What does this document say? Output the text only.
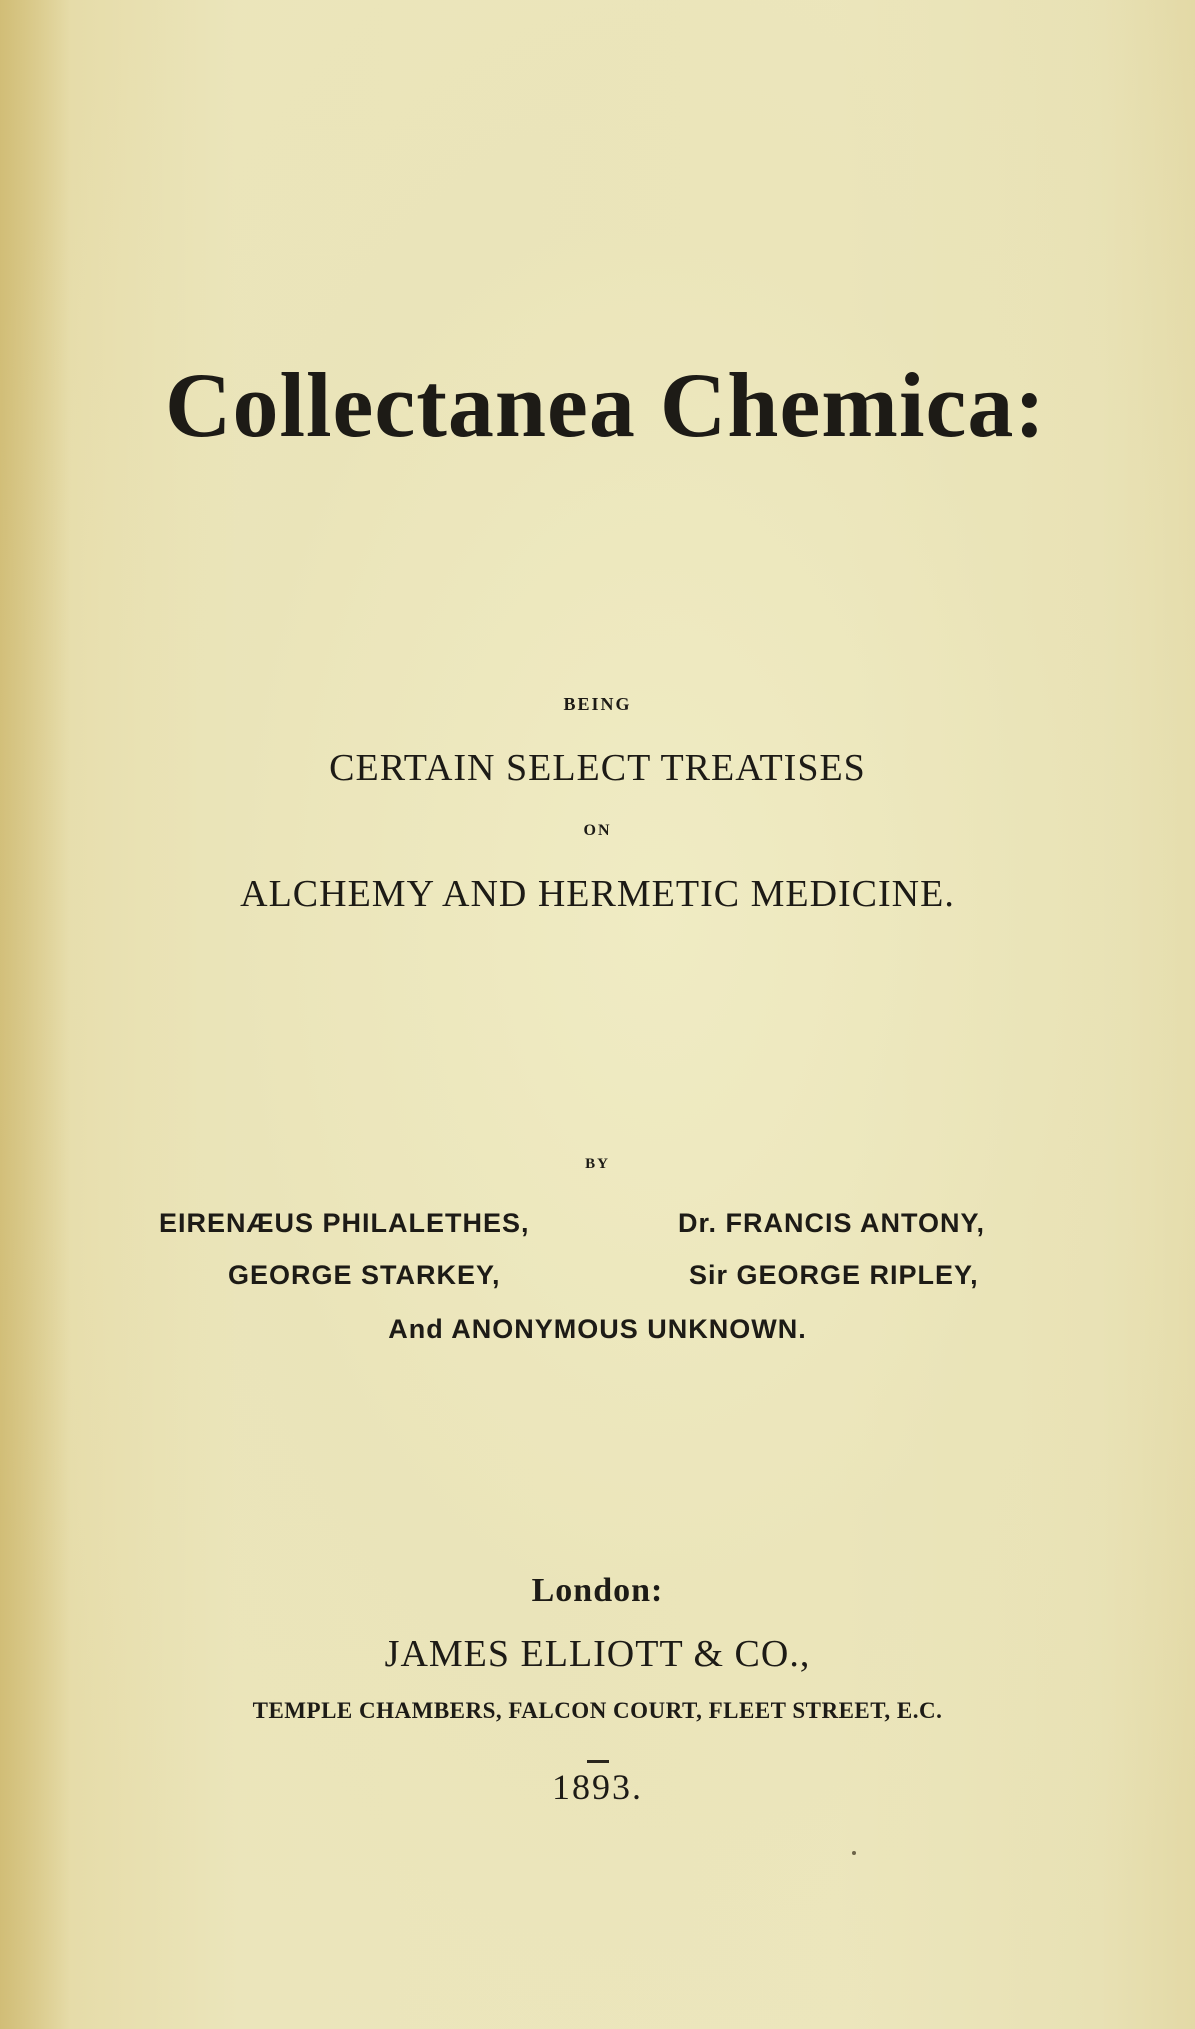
Collectanea Chemica:
BEING
CERTAIN SELECT TREATISES
ON
ALCHEMY AND HERMETIC MEDICINE.
BY
EIRENÆUS PHILALETHES,	Dr. FRANCIS ANTONY,
GEORGE STARKEY,	Sir GEORGE RIPLEY,
And ANONYMOUS UNKNOWN.
London:
JAMES ELLIOTT & CO.,
TEMPLE CHAMBERS, FALCON COURT, FLEET STREET, E.C.
1893.
